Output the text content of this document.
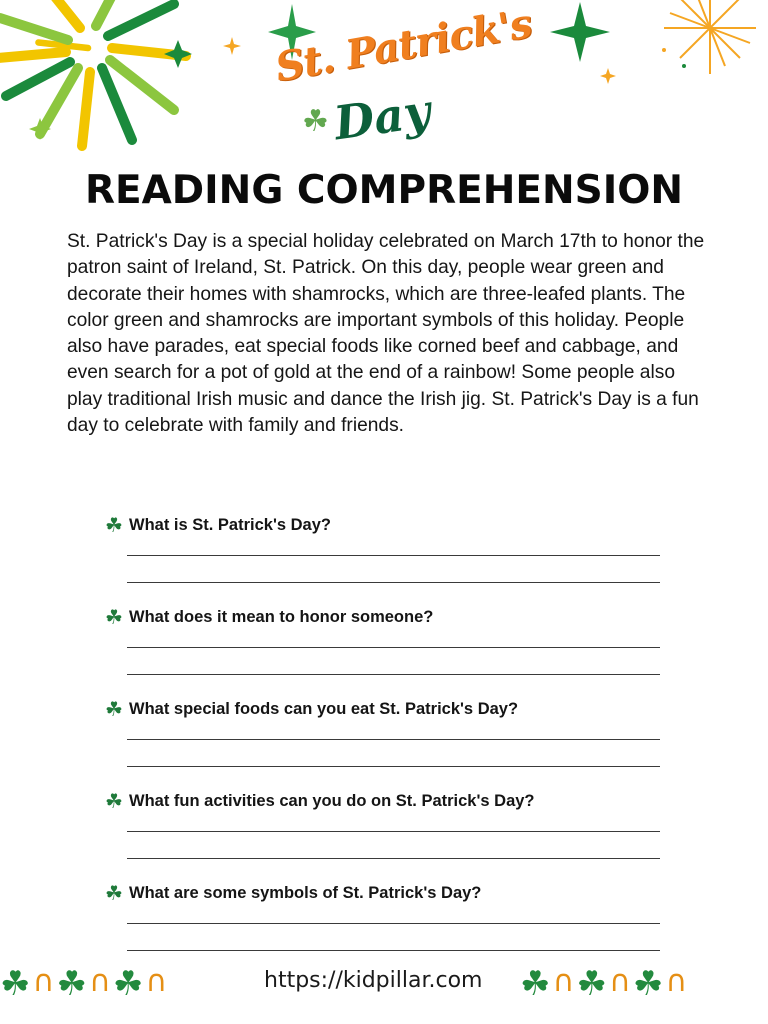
St. Patrick's
☘ Day
READING COMPREHENSION

St. Patrick's Day is a special holiday celebrated on March 17th to honor the patron saint of Ireland, St. Patrick. On this day, people wear green and decorate their homes with shamrocks, which are three-leafed plants. The color green and shamrocks are important symbols of this holiday. People also have parades, eat special foods like corned beef and cabbage, and even search for a pot of gold at the end of a rainbow! Some people also play traditional Irish music and dance the Irish jig. St. Patrick's Day is a fun day to celebrate with family and friends.

☘ What is St. Patrick's Day?
☘ What does it mean to honor someone?
☘ What special foods can you eat St. Patrick's Day?
☘ What fun activities can you do on St. Patrick's Day?
☘ What are some symbols of St. Patrick's Day?
☘ ∩ ☘ ∩ ☘ ∩	https://kidpillar.com ☘ ∩ ☘ ∩ ☘ ∩
